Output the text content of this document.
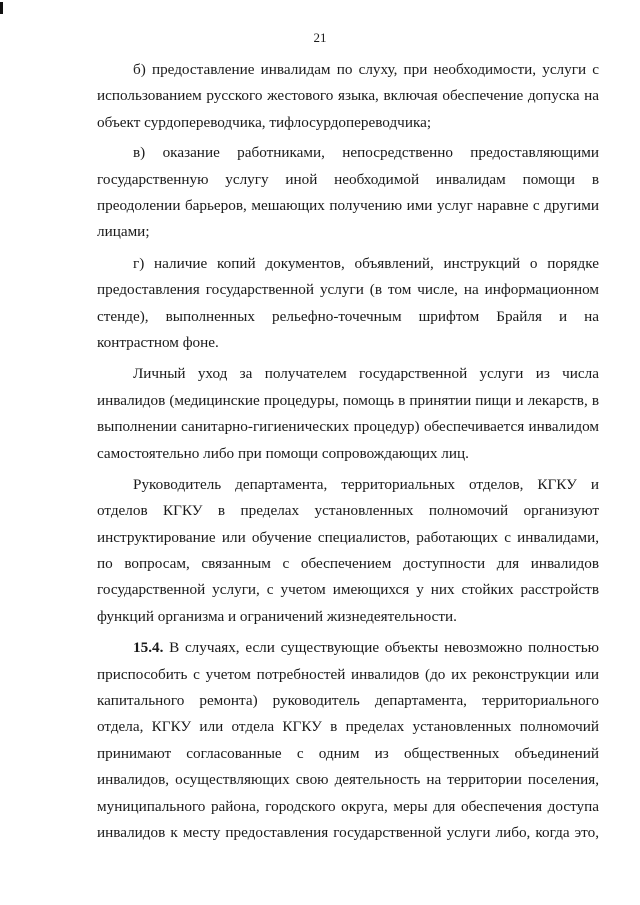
21
б) предоставление инвалидам по слуху, при необходимости, услуги с
использованием русского жестового языка, включая обеспечение допуска на
объект сурдопереводчика, тифлосурдопереводчика;
в) оказание работниками, непосредственно предоставляющими
государственную услугу иной необходимой инвалидам помощи в
преодолении барьеров, мешающих получению ими услуг наравне с другими
лицами;
г) наличие копий документов, объявлений, инструкций о порядке
предоставления государственной услуги (в том числе, на информационном
стенде), выполненных рельефно-точечным шрифтом Брайля и на
контрастном фоне.
Личный уход за получателем государственной услуги из числа
инвалидов (медицинские процедуры, помощь в принятии пищи и лекарств, в
выполнении санитарно-гигиенических процедур) обеспечивается инвалидом
самостоятельно либо при помощи сопровождающих лиц.
Руководитель департамента, территориальных отделов, КГКУ и
отделов КГКУ в пределах установленных полномочий организуют
инструктирование или обучение специалистов, работающих с инвалидами,
по вопросам, связанным с обеспечением доступности для инвалидов
государственной услуги, с учетом имеющихся у них стойких расстройств
функций организма и ограничений жизнедеятельности.
15.4. В случаях, если существующие объекты невозможно полностью
приспособить с учетом потребностей инвалидов (до их реконструкции или
капитального ремонта) руководитель департамента, территориального
отдела, КГКУ или отдела КГКУ в пределах установленных полномочий
принимают согласованные с одним из общественных объединений
инвалидов, осуществляющих свою деятельность на территории поселения,
муниципального района, городского округа, меры для обеспечения доступа
инвалидов к месту предоставления государственной услуги либо, когда это,
